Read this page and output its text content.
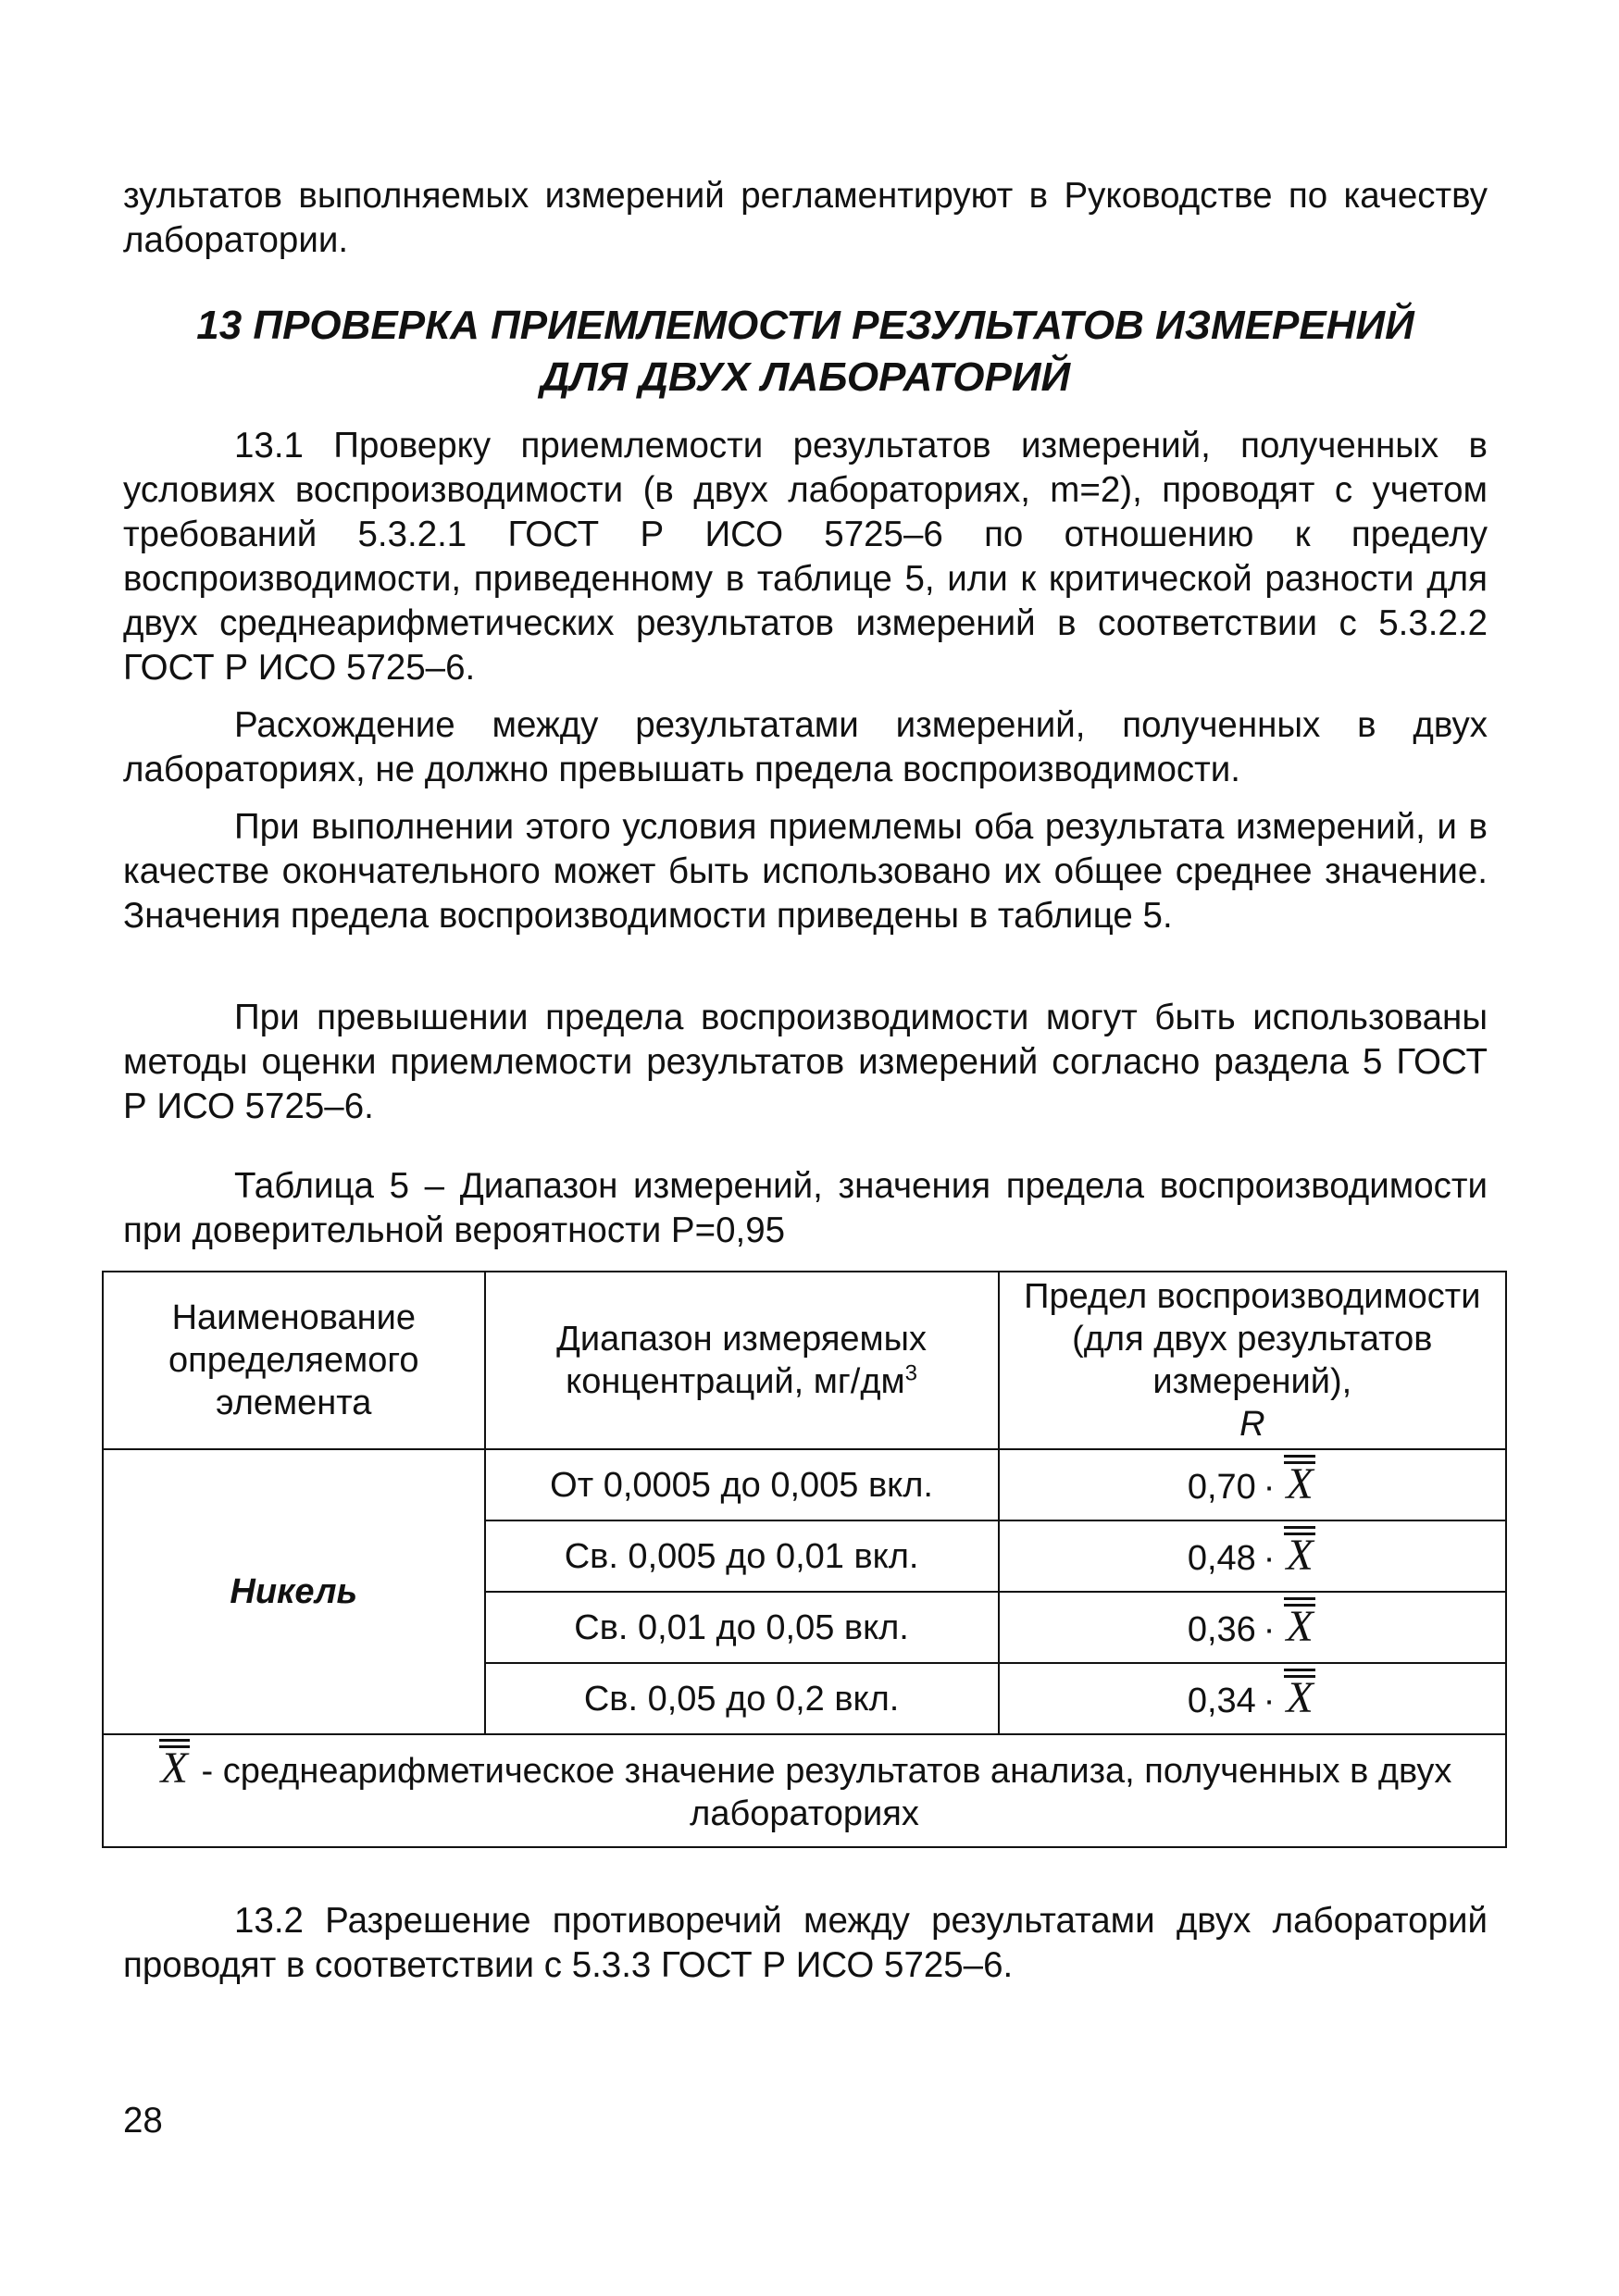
зультатов выполняемых измерений регламентируют в Руководстве по качеству лаборатории.

13 ПРОВЕРКА ПРИЕМЛЕМОСТИ РЕЗУЛЬТАТОВ ИЗМЕРЕНИЙ
ДЛЯ ДВУХ ЛАБОРАТОРИЙ

13.1 Проверку приемлемости результатов измерений, полученных в условиях воспроизводимости (в двух лабораториях, m=2), проводят с учетом требований 5.3.2.1 ГОСТ Р ИСО 5725–6 по отношению к пределу воспроизводимости, приведенному в таблице 5, или к критической разности для двух среднеарифметических результатов измерений в соответствии с 5.3.2.2 ГОСТ Р ИСО 5725–6.

Расхождение между результатами измерений, полученных в двух лабораториях, не должно превышать предела воспроизводимости.

При выполнении этого условия приемлемы оба результата измерений, и в качестве окончательного может быть использовано их общее среднее значение. Значения предела воспроизводимости приведены в таблице 5.

При превышении предела воспроизводимости могут быть использованы методы оценки приемлемости результатов измерений согласно раздела 5 ГОСТ Р ИСО 5725–6.

Таблица 5 – Диапазон измерений, значения предела воспроизводимости при доверительной вероятности Р=0,95

Наименование определяемого элемента	Диапазон измеряемых концентраций, $мг/дм^3$	Предел воспроизводимости (для двух результатов измерений),
R

Никель	От 0,0005 до 0,005 вкл.	0,70 · X
	Св. 0,005 до 0,01 вкл.	0,48 · X
	Св. 0,01 до 0,05 вкл.	0,36 · X
	Св. 0,05 до 0,2 вкл.	0,34 · X
X - среднеарифметическое значение результатов анализа, полученных в двух лабораториях		

13.2 Разрешение противоречий между результатами двух лабораторий проводят в соответствии с 5.3.3 ГОСТ Р ИСО 5725–6.

28
